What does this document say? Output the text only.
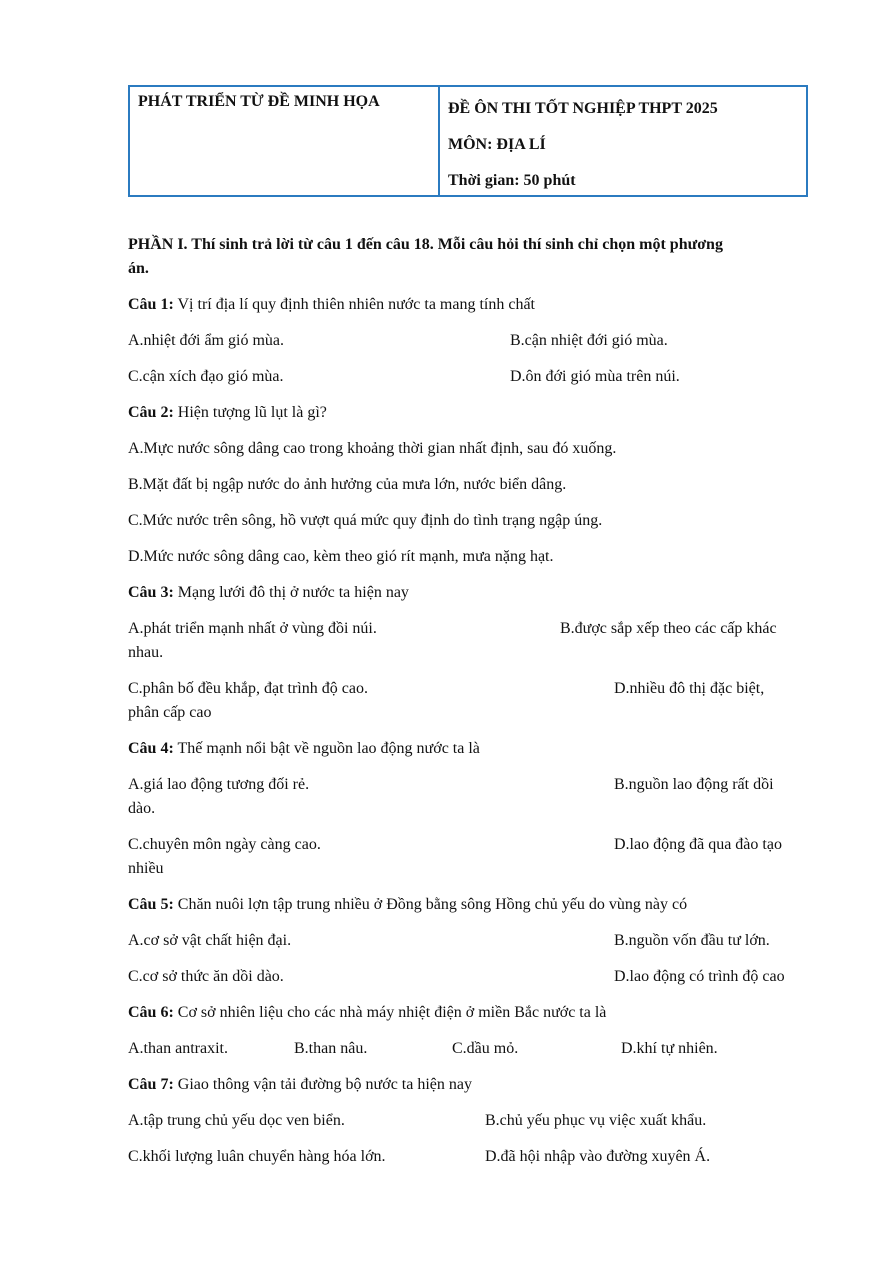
PHÁT TRIỂN TỪ ĐỀ MINH HỌA	ĐỀ ÔN THI TỐT NGHIỆP THPT 2025
MÔN: ĐỊA LÍ
Thời gian: 50 phút
PHẦN I. Thí sinh trả lời từ câu 1 đến câu 18. Mỗi câu hỏi thí sinh chỉ chọn một phương
án.
Câu 1: Vị trí địa lí quy định thiên nhiên nước ta mang tính chất
A.nhiệt đới ẩm gió mùa.	B.cận nhiệt đới gió mùa.
C.cận xích đạo gió mùa.	D.ôn đới gió mùa trên núi.
Câu 2: Hiện tượng lũ lụt là gì?
A.Mực nước sông dâng cao trong khoảng thời gian nhất định, sau đó xuống.
B.Mặt đất bị ngập nước do ảnh hưởng của mưa lớn, nước biển dâng.
C.Mức nước trên sông, hồ vượt quá mức quy định do tình trạng ngập úng.
D.Mức nước sông dâng cao, kèm theo gió rít mạnh, mưa nặng hạt.
Câu 3: Mạng lưới đô thị ở nước ta hiện nay
A.phát triển mạnh nhất ở vùng đồi núi.	B.được sắp xếp theo các cấp khác
nhau.
C.phân bố đều khắp, đạt trình độ cao.	D.nhiều đô thị đặc biệt,
phân cấp cao
Câu 4: Thế mạnh nổi bật về nguồn lao động nước ta là
A.giá lao động tương đối rẻ.	B.nguồn lao động rất dồi
dào.
C.chuyên môn ngày càng cao.	D.lao động đã qua đào tạo
nhiều
Câu 5: Chăn nuôi lợn tập trung nhiều ở Đồng bằng sông Hồng chủ yếu do vùng này có
A.cơ sở vật chất hiện đại.	B.nguồn vốn đầu tư lớn.
C.cơ sở thức ăn dồi dào.	D.lao động có trình độ cao
Câu 6: Cơ sở nhiên liệu cho các nhà máy nhiệt điện ở miền Bắc nước ta là
A.than antraxit.	B.than nâu.	C.dầu mỏ.	D.khí tự nhiên.
Câu 7: Giao thông vận tải đường bộ nước ta hiện nay
A.tập trung chủ yếu dọc ven biển.	B.chủ yếu phục vụ việc xuất khẩu.
C.khối lượng luân chuyển hàng hóa lớn.	D.đã hội nhập vào đường xuyên Á.
